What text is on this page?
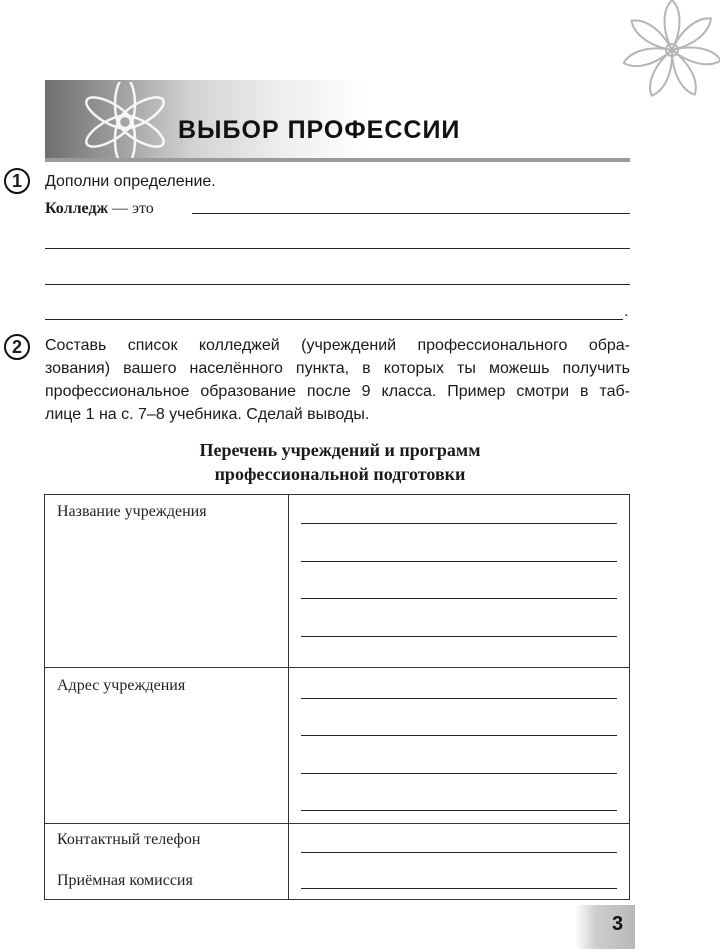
ВЫБОР ПРОФЕССИИ
1	Дополни определение.
Колледж — это
.
2	Составь список колледжей (учреждений профессионального обра-
зования) вашего населённого пункта, в которых ты можешь получить
профессиональное образование после 9 класса. Пример смотри в таб-
лице 1 на с. 7–8 учебника. Сделай выводы.
Перечень учреждений и программ
профессиональной подготовки
Название учреждения
Адрес учреждения
Контактный телефон
Приёмная комиссия
3
